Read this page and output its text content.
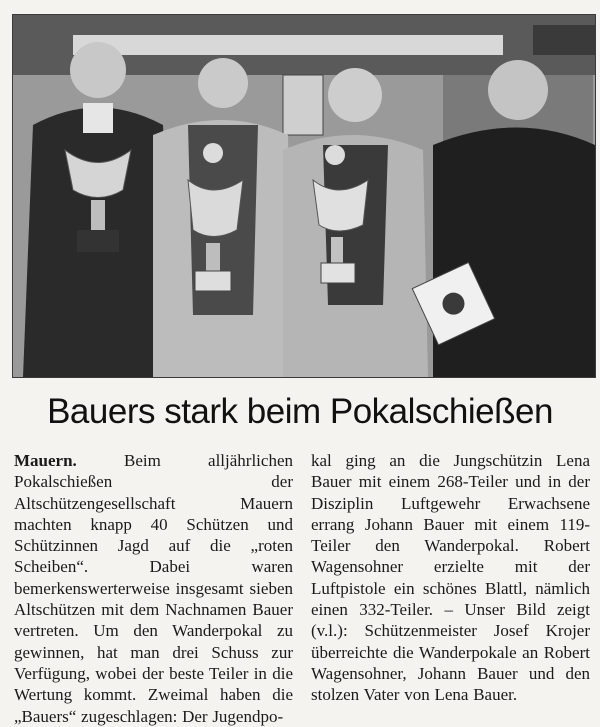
Bauers stark beim Pokalschießen
Mauern.	Beim alljährlichen Pokalschießen der Altschützengesellschaft Mauern machten knapp 40 Schützen und Schützinnen Jagd auf die „roten Scheiben“. Dabei waren bemerkenswerterweise insgesamt sieben Altschützen mit dem Nachnamen Bauer vertreten. Um den Wanderpokal zu gewinnen, hat man drei Schuss zur Verfügung, wobei der beste Teiler in die Wertung kommt. Zweimal haben die „Bauers“ zugeschlagen: Der Jugendpo-
kal ging an die Jungschützin Lena Bauer mit einem 268-Teiler und in der Disziplin Luftgewehr Erwachsene errang Johann Bauer mit einem 119-Teiler den Wanderpokal. Robert Wagensohner erzielte mit der Luftpistole ein schönes Blattl, nämlich einen 332-Teiler. – Unser Bild zeigt (v.l.): Schützenmeister Josef Krojer überreichte die Wanderpokale an Robert Wagensohner, Johann Bauer und den stolzen Vater von Lena Bauer.
